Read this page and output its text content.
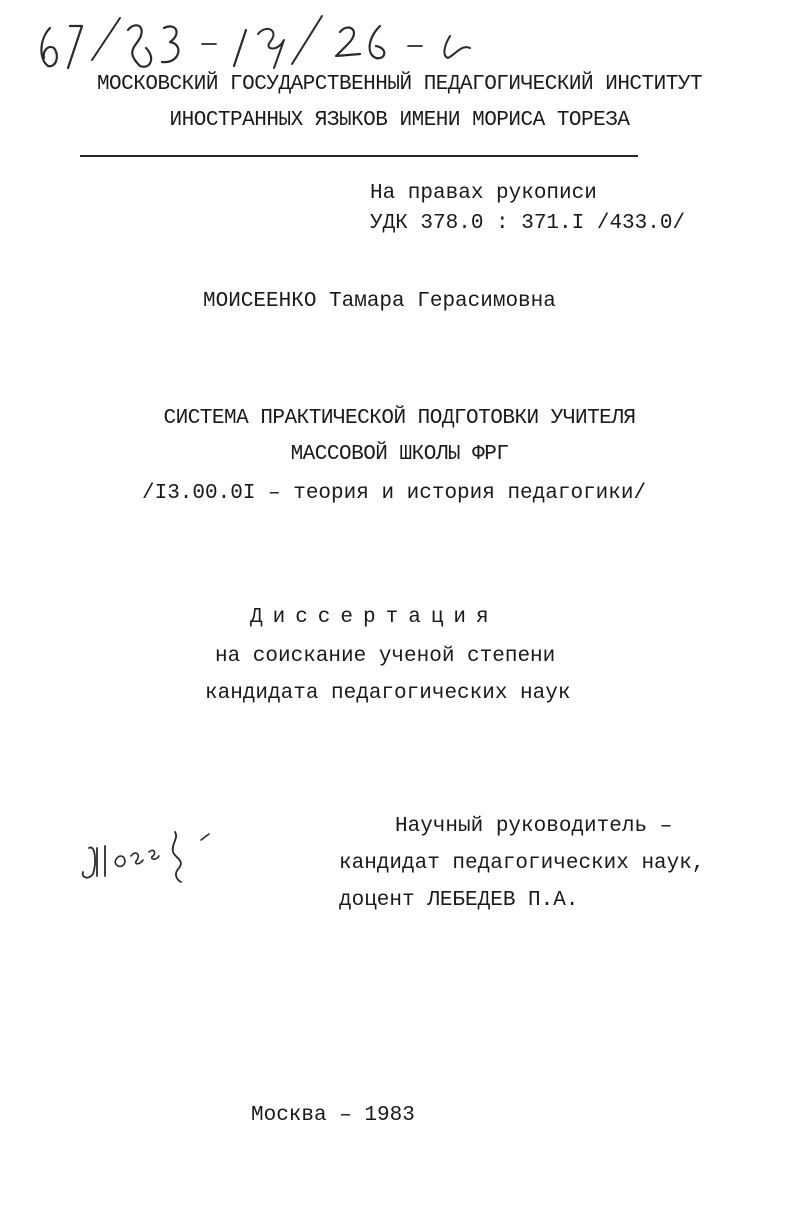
МОСКОВСКИЙ ГОСУДАРСТВЕННЫЙ ПЕДАГОГИЧЕСКИЙ ИНСТИТУТ
ИНОСТРАННЫХ ЯЗЫКОВ ИМЕНИ МОРИСА ТОРЕЗА
На правах рукописи
УДК 378.0 : 371.I /433.0/
МОИСЕЕНКО Тамара Герасимовна
СИСТЕМА ПРАКТИЧЕСКОЙ ПОДГОТОВКИ УЧИТЕЛЯ
МАССОВОЙ ШКОЛЫ ФРГ
/I3.00.0I – теория и история педагогики/
Диссертация
на соискание ученой степени
кандидата педагогических наук
Научный руководитель –
кандидат педагогических наук,
доцент ЛЕБЕДЕВ П.А.
Москва – 1983
